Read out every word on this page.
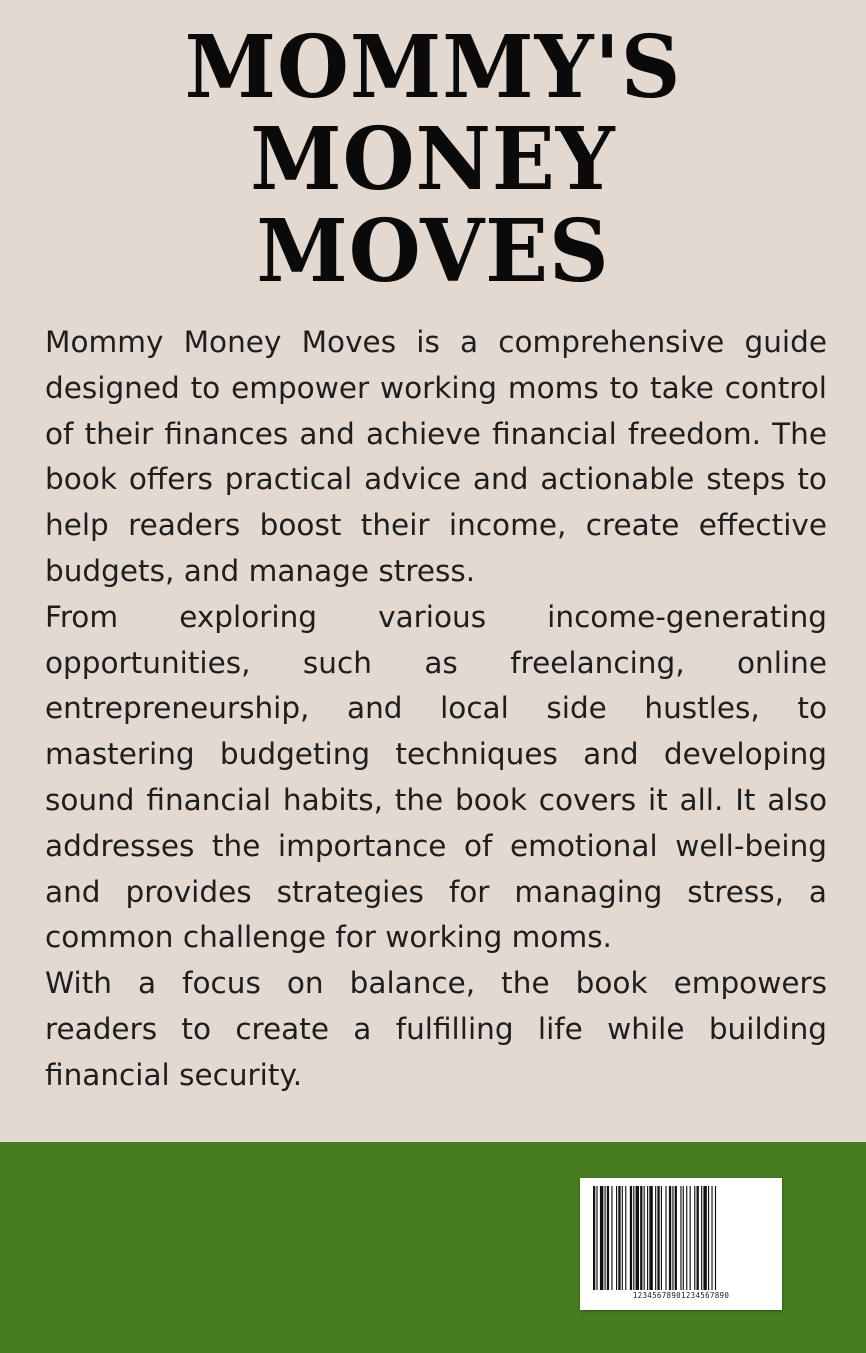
MOMMY'S
MONEY
MOVES

Mommy Money Moves is a comprehensive guide designed to empower working moms to take control of their finances and achieve financial freedom. The book offers practical advice and actionable steps to help readers boost their income, create effective budgets, and manage stress.

From exploring various income-generating opportunities, such as freelancing, online entrepreneurship, and local side hustles, to mastering budgeting techniques and developing sound financial habits, the book covers it all. It also addresses the importance of emotional well-being and provides strategies for managing stress, a common challenge for working moms.

With a focus on balance, the book empowers readers to create a fulfilling life while building financial security.

1234567890123456789​0
